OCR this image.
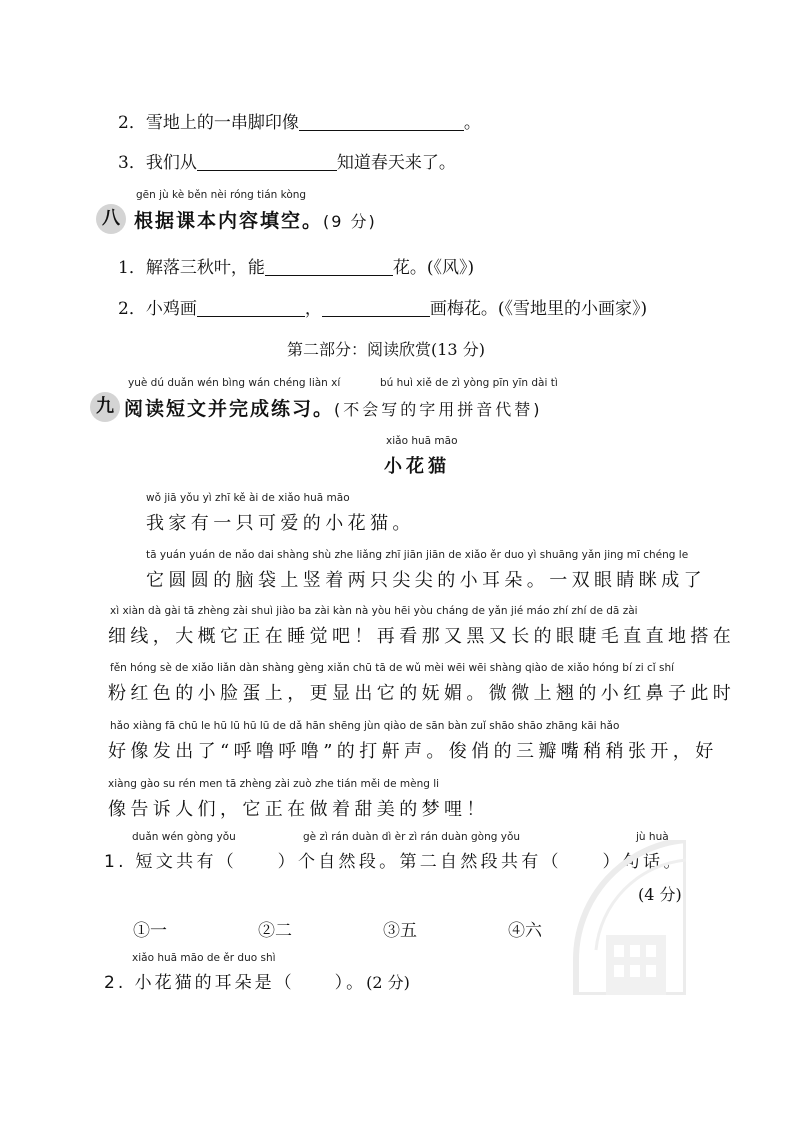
2．雪地上的一串脚印像	。
3．我们从	知道春天来了。
gēn jù kè běn nèi róng tián kòng
八 根据课本内容填空。(9 分)
1．解落三秋叶，能	花。(《风》)
2．小鸡画	，	画梅花。(《雪地里的小画家》)
第二部分：阅读欣赏(13 分)
yuè dú duǎn wén bìng wán chéng liàn xí	bú huì xiě de zì yòng pīn yīn dài tì
九 阅读短文并完成练习。(不会写的字用拼音代替)
xiǎo huā māo
小花猫
wǒ jiā yǒu yì zhī kě ài de xiǎo huā māo
我家有一只可爱的小花猫。
tā yuán yuán de nǎo dai shàng shù zhe liǎng zhī jiān jiān de xiǎo ěr duo yì shuāng yǎn jing mī chéng le
它圆圆的脑袋上竖着两只尖尖的小耳朵。一双眼睛眯成了
xì xiàn dà gài tā zhèng zài shuì jiào ba zài kàn nà yòu hēi yòu cháng de yǎn jié máo zhí zhí de dā zài
细线，大概它正在睡觉吧！再看那又黑又长的眼睫毛直直地搭在
fěn hóng sè de xiǎo liǎn dàn shàng gèng xiǎn chū tā de wǔ mèi wēi wēi shàng qiào de xiǎo hóng bí zi cǐ shí
粉红色的小脸蛋上，更显出它的妩媚。微微上翘的小红鼻子此时
hǎo xiàng fā chū le hū lū hū lū de dǎ hān shēng jùn qiào de sān bàn zuǐ shāo shāo zhāng kāi hǎo
好像发出了“呼噜呼噜”的打鼾声。俊俏的三瓣嘴稍稍张开，好
xiàng gào su rén men tā zhèng zài zuò zhe tián měi de mèng li
像告诉人们，它正在做着甜美的梦哩！
duǎn wén gòng yǒu	gè zì rán duàn dì èr zì rán duàn gòng yǒu	jù huà
1. 短文共有（　　）个自然段。第二自然段共有（　　）句话。
(4 分)
①一	②二	③五	④六
xiǎo huā māo de ěr duo shì
2. 小花猫的耳朵是（　　）。(2 分)
